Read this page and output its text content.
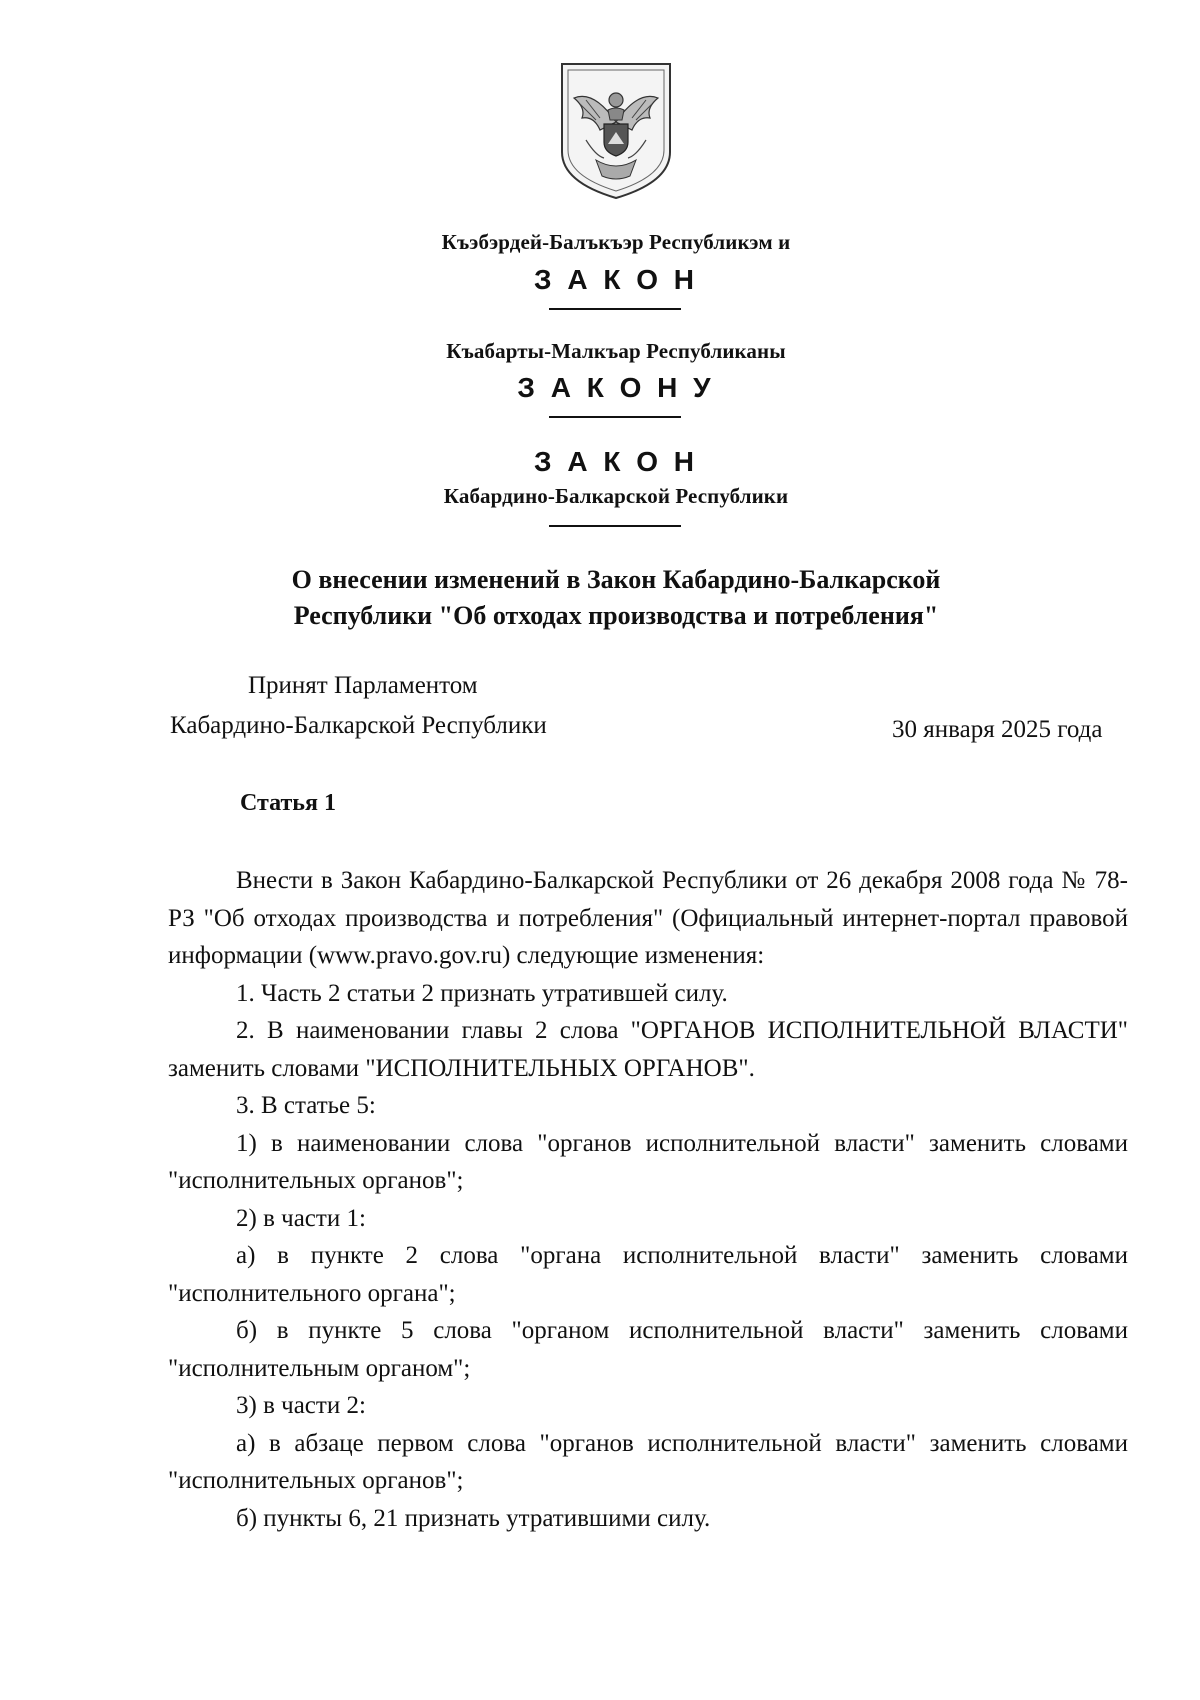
Къэбэрдей-Балъкъэр Республикэм и
З А К О Н
Къабарты-Малкъар Республиканы
З А К О Н У
З А К О Н
Кабардино-Балкарской Республики
О внесении изменений в Закон Кабардино-Балкарской
Республики "Об отходах производства и потребления"
Принят Парламентом
Кабардино-Балкарской Республики	30 января 2025 года
Статья 1

Внести в Закон Кабардино-Балкарской Республики от 26 декабря 2008 года № 78-РЗ "Об отходах производства и потребления" (Официальный интернет-портал правовой информации (www.pravo.gov.ru) следующие изменения:

1. Часть 2 статьи 2 признать утратившей силу.

2. В наименовании главы 2 слова "ОРГАНОВ ИСПОЛНИТЕЛЬНОЙ ВЛАСТИ" заменить словами "ИСПОЛНИТЕЛЬНЫХ ОРГАНОВ".

3. В статье 5:

1) в наименовании слова "органов исполнительной власти" заменить словами "исполнительных органов";

2) в части 1:

а) в пункте 2 слова "органа исполнительной власти" заменить словами "исполнительного органа";

б) в пункте 5 слова "органом исполнительной власти" заменить словами "исполнительным органом";

3) в части 2:

а) в абзаце первом слова "органов исполнительной власти" заменить словами "исполнительных органов";

б) пункты 6, 21 признать утратившими силу.
